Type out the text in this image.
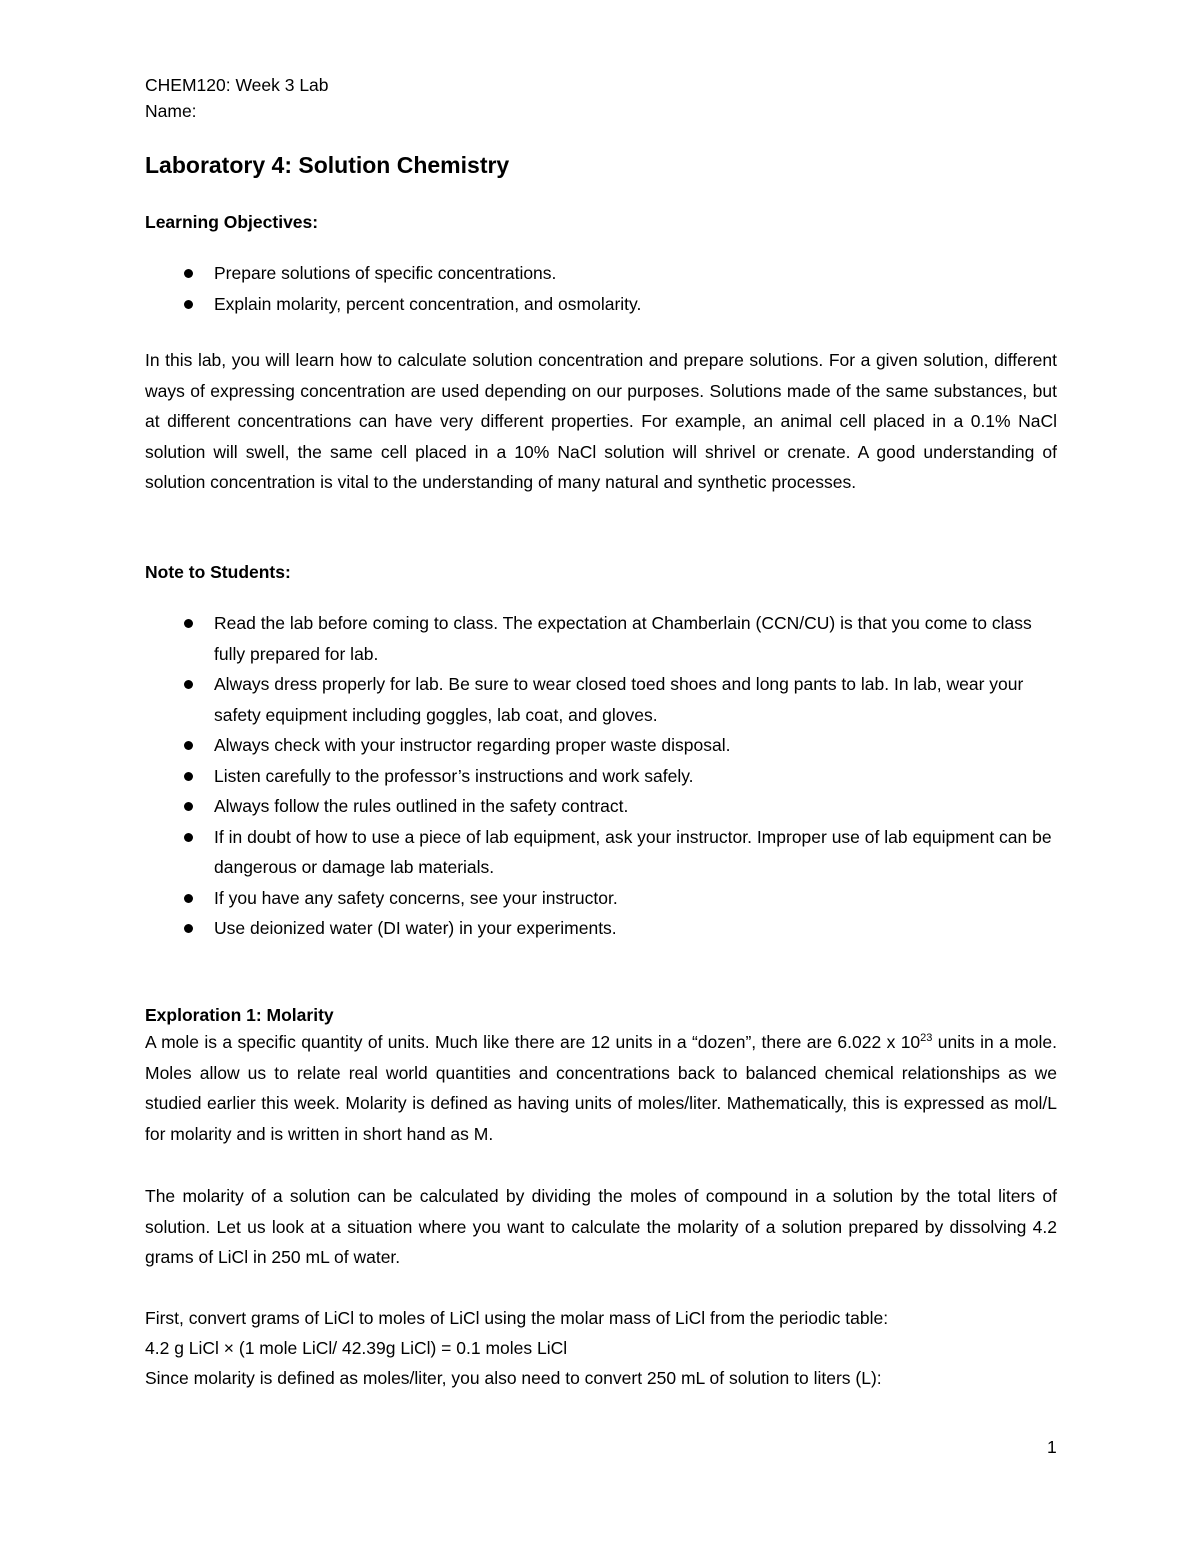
CHEM120: Week 3 Lab
Name:
Laboratory 4: Solution Chemistry
Learning Objectives:
Prepare solutions of specific concentrations.
Explain molarity, percent concentration, and osmolarity.

In this lab, you will learn how to calculate solution concentration and prepare solutions. For a given solution, different ways of expressing concentration are used depending on our purposes. Solutions made of the same substances, but at different concentrations can have very different properties. For example, an animal cell placed in a 0.1% NaCl solution will swell, the same cell placed in a 10% NaCl solution will shrivel or crenate. A good understanding of solution concentration is vital to the understanding of many natural and synthetic processes.

Note to Students:
Read the lab before coming to class. The expectation at Chamberlain (CCN/CU) is that you come to class fully prepared for lab.
Always dress properly for lab. Be sure to wear closed toed shoes and long pants to lab. In lab, wear your safety equipment including goggles, lab coat, and gloves.
Always check with your instructor regarding proper waste disposal.
Listen carefully to the professor’s instructions and work safely.
Always follow the rules outlined in the safety contract.
If in doubt of how to use a piece of lab equipment, ask your instructor. Improper use of lab equipment can be dangerous or damage lab materials.
If you have any safety concerns, see your instructor.
Use deionized water (DI water) in your experiments.
Exploration 1: Molarity

A mole is a specific quantity of units. Much like there are 12 units in a “dozen”, there are 6.022 x $10^{23}$ units in a mole. Moles allow us to relate real world quantities and concentrations back to balanced chemical relationships as we studied earlier this week. Molarity is defined as having units of moles/liter. Mathematically, this is expressed as mol/L for molarity and is written in short hand as M.

The molarity of a solution can be calculated by dividing the moles of compound in a solution by the total liters of solution. Let us look at a situation where you want to calculate the molarity of a solution prepared by dissolving 4.2 grams of LiCl in 250 mL of water.

First, convert grams of LiCl to moles of LiCl using the molar mass of LiCl from the periodic table:
4.2 g LiCl × (1 mole LiCl/ 42.39g LiCl) = 0.1 moles LiCl
Since molarity is defined as moles/liter, you also need to convert 250 mL of solution to liters (L):
1
